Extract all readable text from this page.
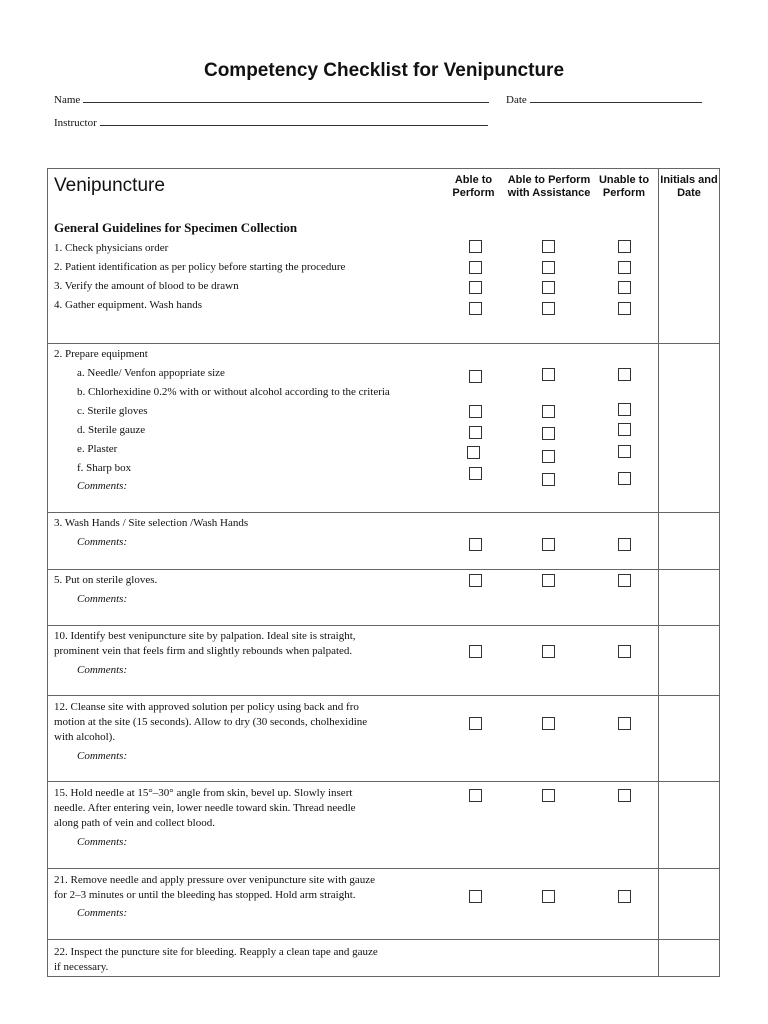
Competency Checklist for Venipuncture
Name	Date
Instructor
Venipuncture	Able to Perform
Able to Perform with Assistance
Unable to Perform
Initials and Date
General Guidelines for Specimen Collection
1. Check physicians order
2. Patient identification as per policy before starting the procedure
3. Verify the amount of blood to be drawn
4. Gather equipment. Wash hands
2. Prepare equipment
a. Needle/ Venfon appopriate size
b. Chlorhexidine 0.2% with or without alcohol according to the criteria
c. Sterile gloves
d. Sterile gauze
e. Plaster
f. Sharp box
Comments:
3. Wash Hands / Site selection /Wash Hands
Comments:
5. Put on sterile gloves.
Comments:
10. Identify best venipuncture site by palpation. Ideal site is straight,
prominent vein that feels firm and slightly rebounds when palpated.
Comments:
12. Cleanse site with approved solution per policy using back and fro
motion at the site (15 seconds). Allow to dry (30 seconds, cholhexidine
with alcohol).
Comments:
15. Hold needle at 15°–30° angle from skin, bevel up. Slowly insert
needle. After entering vein, lower needle toward skin. Thread needle
along path of vein and collect blood.
Comments:
21. Remove needle and apply pressure over venipuncture site with gauze
for 2–3 minutes or until the bleeding has stopped. Hold arm straight.
Comments:
22. Inspect the puncture site for bleeding. Reapply a clean tape and gauze
if necessary.
